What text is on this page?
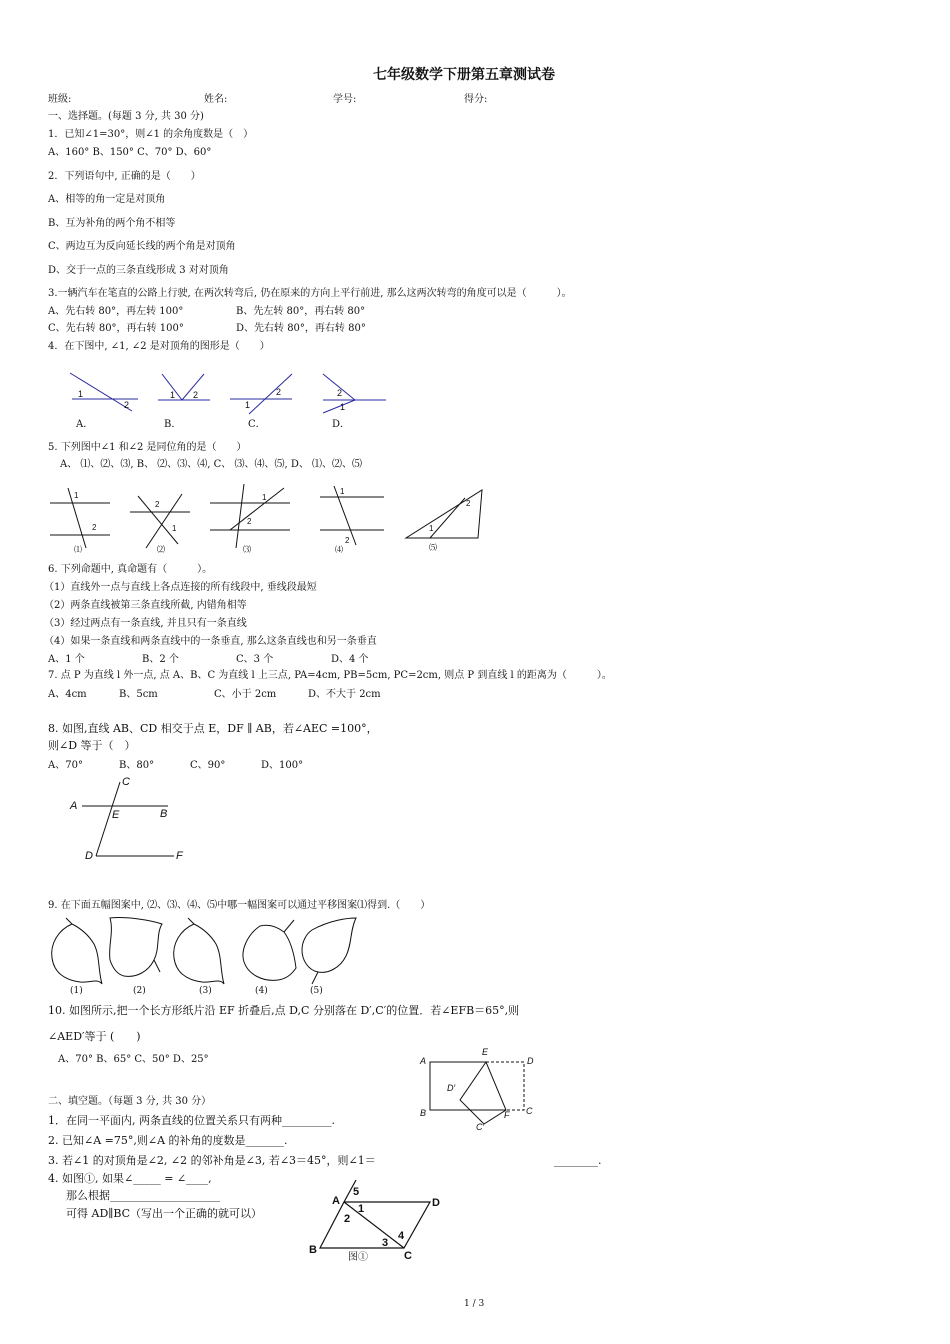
七年级数学下册第五章测试卷
班级:	姓名:	学号:	得分:
一、选择题。(每题 3 分, 共 30 分)
1．已知∠1=30°，则∠1 的余角度数是（　）
A、160° B、150° C、70° D、60°
2．下列语句中, 正确的是（　　）
A、相等的角一定是对顶角
B、互为补角的两个角不相等
C、两边互为反向延长线的两个角是对顶角
D、交于一点的三条直线形成 3 对对顶角
3.一辆汽车在笔直的公路上行驶, 在两次转弯后, 仍在原来的方向上平行前进, 那么这两次转弯的角度可以是（　　　）。
A、先右转 80°，再左转 100°	B、先左转 80°，再右转 80°
C、先右转 80°，再右转 100°	D、先右转 80°，再右转 80°
4．在下图中, ∠1, ∠2 是对顶角的图形是（　　）
1
2
1 2
1
2	2
1
A．	B．	C．	D．
5. 下列图中∠1 和∠2 是同位角的是（　　）
A、 ⑴、⑵、⑶, B、 ⑵、⑶、⑷, C、 ⑶、⑷、⑸, D、 ⑴、⑵、⑸
1
2
2
1
1
2
1
2
1
2
⑴	⑵	⑶	⑷	⑸
6. 下列命题中, 真命题有（　　　）。
（1）直线外一点与直线上各点连接的所有线段中, 垂线段最短
（2）两条直线被第三条直线所截, 内错角相等
（3）经过两点有一条直线, 并且只有一条直线
（4）如果一条直线和两条直线中的一条垂直, 那么这条直线也和另一条垂直
A、1 个	B、2 个	C、3 个	D、4 个
7. 点 P 为直线 l 外一点, 点 A、B、C 为直线 l 上三点, PA=4cm, PB=5cm, PC=2cm, 则点 P 到直线 l 的距离为（　　　）。
A、4cm	B、5cm	C、小于 2cm	D、不大于 2cm
8. 如图,直线 AB、CD 相交于点 E，DF ∥ AB，若∠AEC =100°，
则∠D 等于（　）
A、70°	B、80°	C、90°	D、100°
A
B
C
D
E
F
9. 在下面五幅图案中, ⑵、⑶、⑷、⑸中哪一幅图案可以通过平移图案⑴得到.（　　）
(1)	(2)	(3)	(4)	(5)
10. 如图所示,把一个长方形纸片沿 EF 折叠后,点 D,C 分别落在 D′,C′的位置．若∠EFB＝65°,则
∠AED′等于 (　　)
A、70° B、65° C、50° D、25°	A
E
D
D′
B	F C
C′
二、填空题。（每题 3 分, 共 30 分）
1．在同一平面内, 两条直线的位置关系只有两种_________.
2. 已知∠A =75°,则∠A 的补角的度数是_______.
3. 若∠1 的对顶角是∠2, ∠2 的邻补角是∠3, 若∠3＝45°，则∠1＝	________.
4. 如图①, 如果∠_____ = ∠____,
那么根据____________________
可得 AD∥BC（写出一个正确的就可以）
A	D
B	C
1
2
3
4
5
图①
1 / 3
